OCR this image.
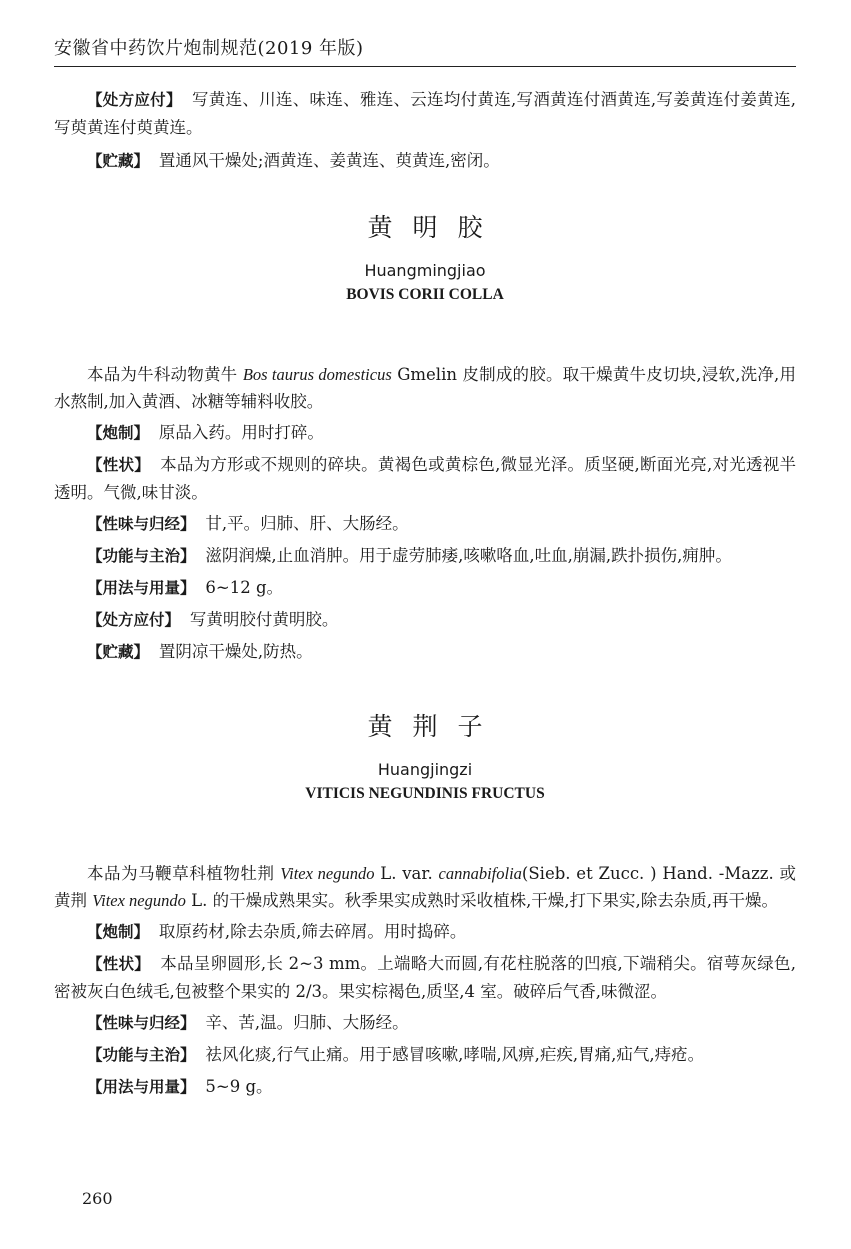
安徽省中药饮片炮制规范(2019 年版)

【处方应付】 写黄连、川连、味连、雅连、云连均付黄连,写酒黄连付酒黄连,写姜黄连付姜黄连,写萸黄连付萸黄连。

【贮藏】 置通风干燥处;酒黄连、姜黄连、萸黄连,密闭。

黄明胶
Huangmingjiao
BOVIS CORII COLLA

本品为牛科动物黄牛 Bos taurus domesticus Gmelin 皮制成的胶。取干燥黄牛皮切块,浸软,洗净,用水熬制,加入黄酒、冰糖等辅料收胶。

【炮制】 原品入药。用时打碎。

【性状】 本品为方形或不规则的碎块。黄褐色或黄棕色,微显光泽。质坚硬,断面光亮,对光透视半透明。气微,味甘淡。

【性味与归经】 甘,平。归肺、肝、大肠经。

【功能与主治】 滋阴润燥,止血消肿。用于虚劳肺痿,咳嗽咯血,吐血,崩漏,跌扑损伤,痈肿。

【用法与用量】 6~12 g。

【处方应付】 写黄明胶付黄明胶。

【贮藏】 置阴凉干燥处,防热。

黄荆子
Huangjingzi
VITICIS NEGUNDINIS FRUCTUS

本品为马鞭草科植物牡荆 Vitex negundo L. var. cannabifolia(Sieb. et Zucc. ) Hand. -Mazz. 或黄荆 Vitex negundo L. 的干燥成熟果实。秋季果实成熟时采收植株,干燥,打下果实,除去杂质,再干燥。

【炮制】 取原药材,除去杂质,筛去碎屑。用时捣碎。

【性状】 本品呈卵圆形,长 2~3 mm。上端略大而圆,有花柱脱落的凹痕,下端稍尖。宿萼灰绿色,密被灰白色绒毛,包被整个果实的 2/3。果实棕褐色,质坚,4 室。破碎后气香,味微涩。

【性味与归经】 辛、苦,温。归肺、大肠经。

【功能与主治】 祛风化痰,行气止痛。用于感冒咳嗽,哮喘,风痹,疟疾,胃痛,疝气,痔疮。

【用法与用量】 5~9 g。

260
